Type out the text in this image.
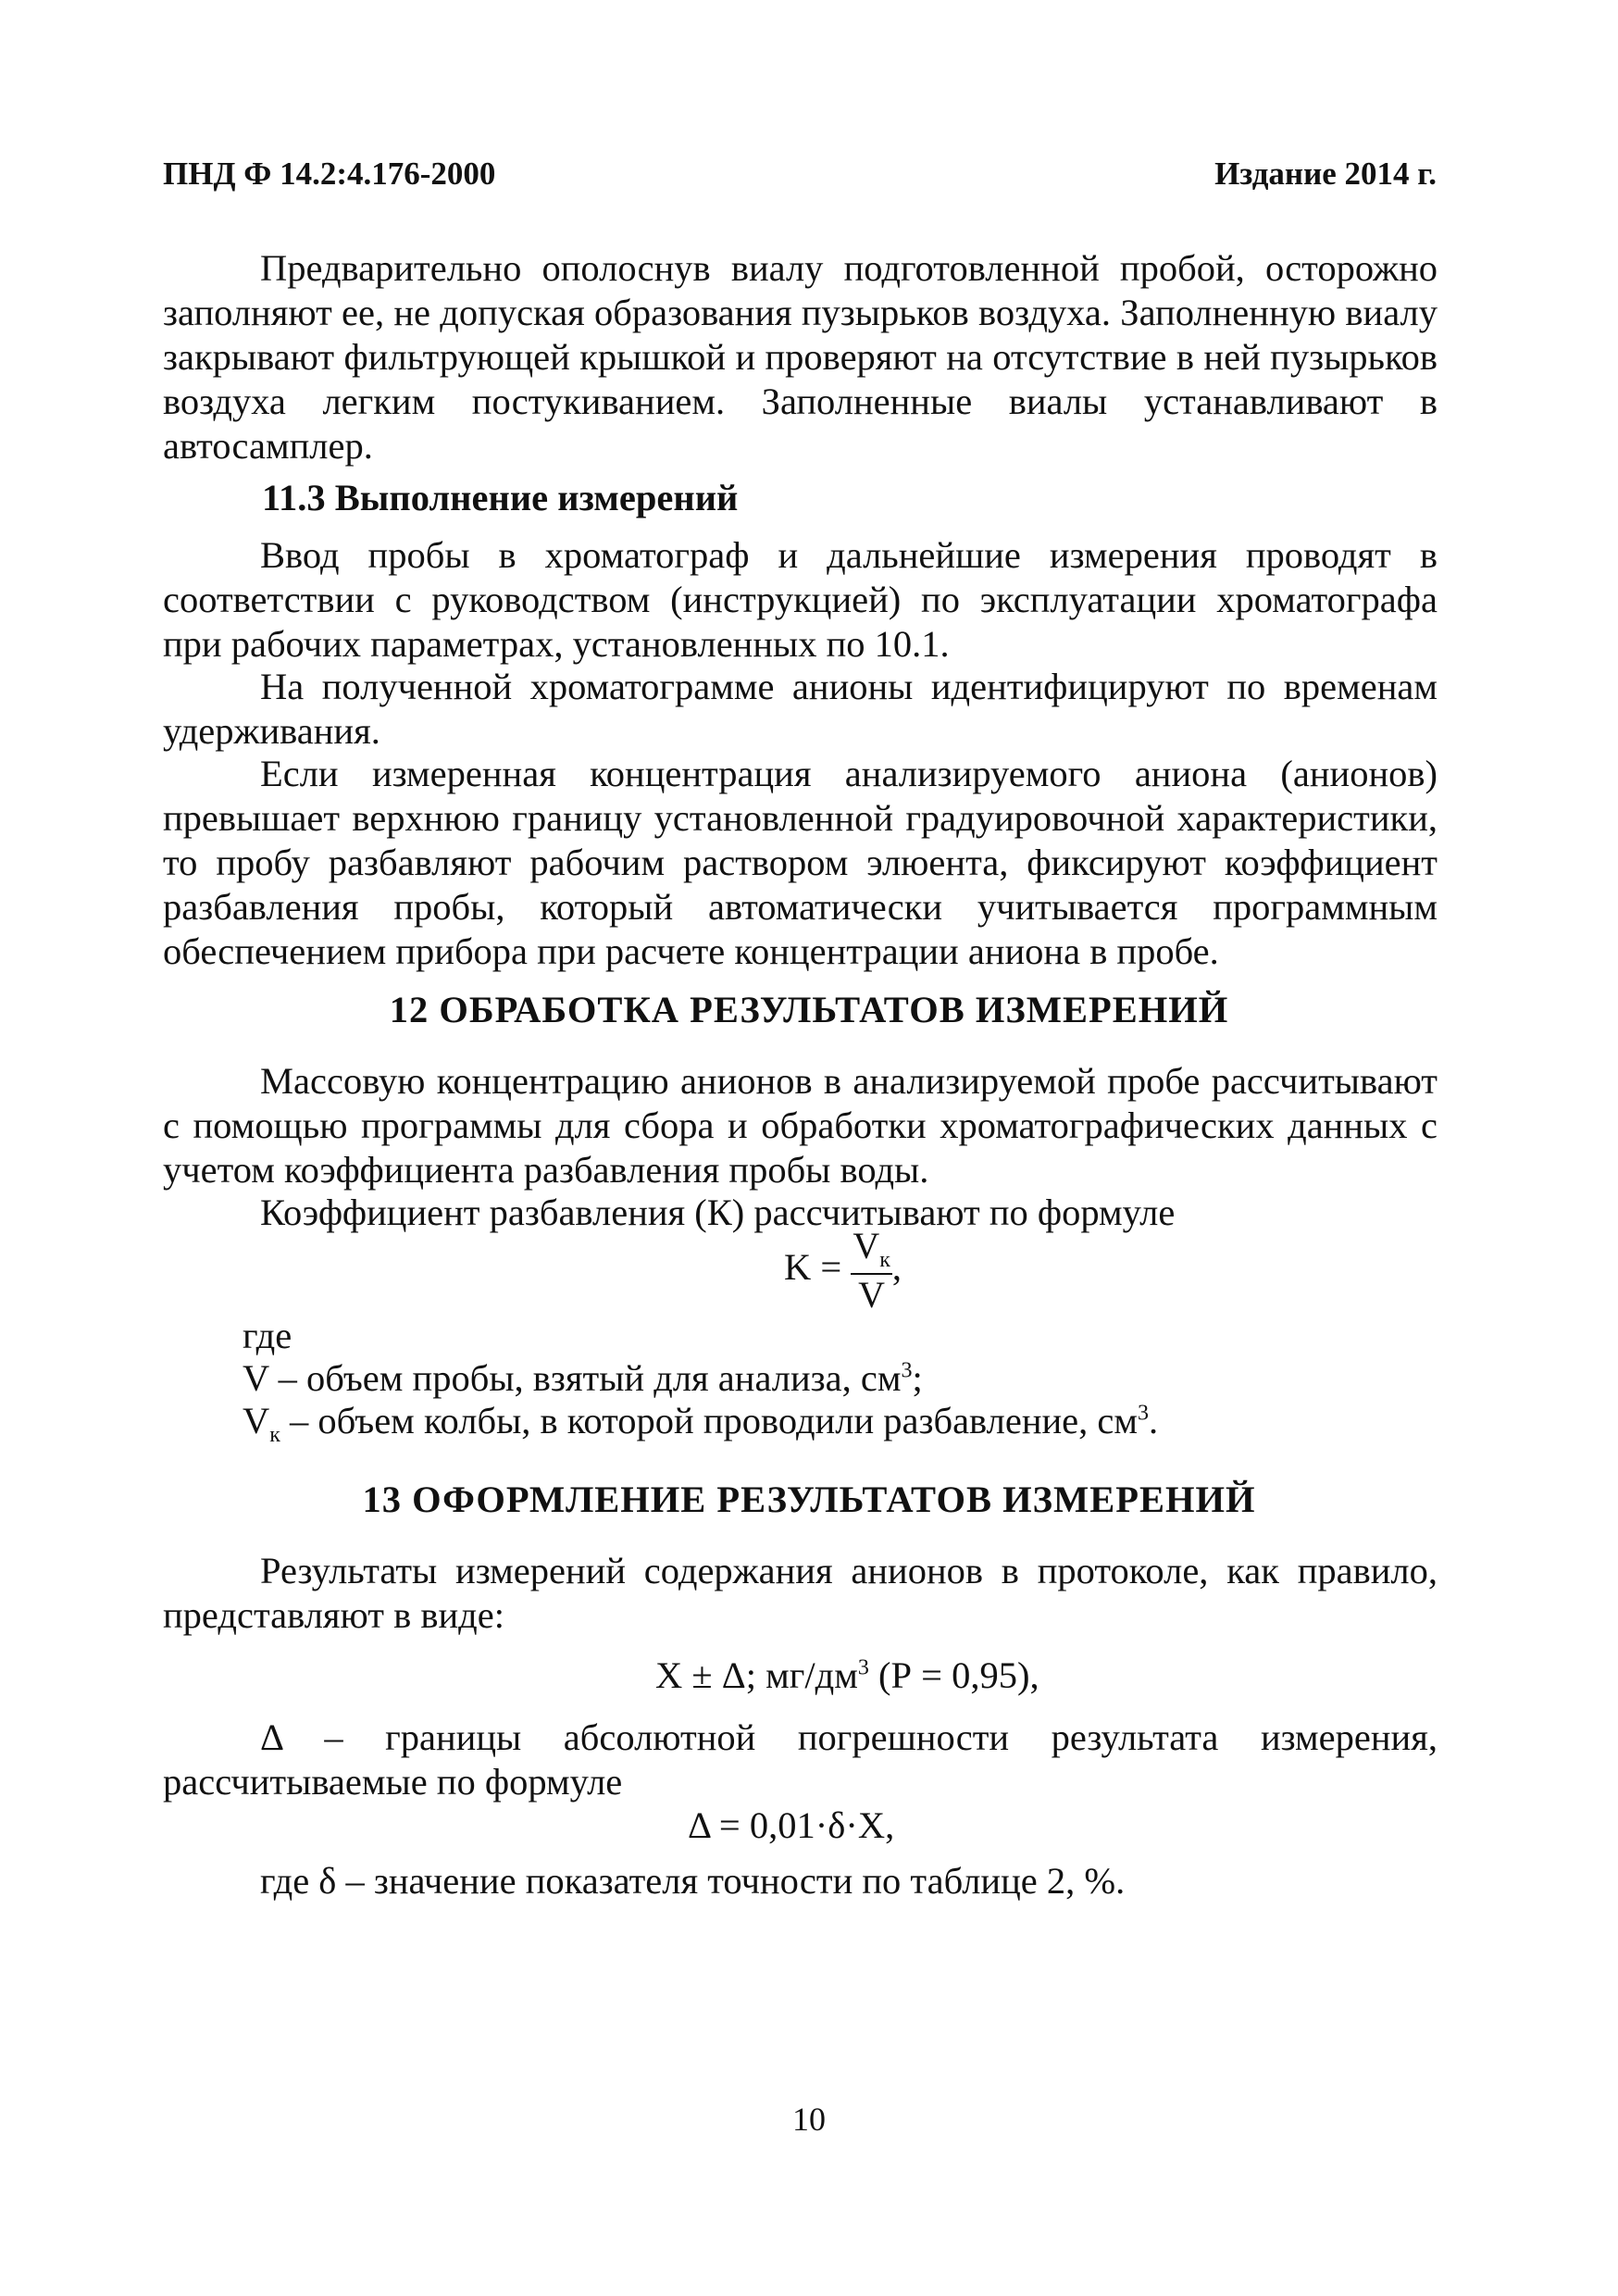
ПНД Ф 14.2:4.176-2000	Издание 2014 г.
Предварительно ополоснув виалу подготовленной пробой, осторожно заполняют ее, не допуская образования пузырьков воздуха. Заполненную виалу закрывают фильтрующей крышкой и проверяют на отсутствие в ней пузырьков воздуха легким постукиванием. Заполненные виалы устанавливают в автосамплер.
11.3 Выполнение измерений
Ввод пробы в хроматограф и дальнейшие измерения проводят в соответствии с руководством (инструкцией) по эксплуатации хроматографа при рабочих параметрах, установленных по 10.1.
На полученной хроматограмме анионы идентифицируют по временам удерживания.
Если измеренная концентрация анализируемого аниона (анионов) превышает верхнюю границу установленной градуировочной характеристики, то пробу разбавляют рабочим раствором элюента, фиксируют коэффициент разбавления пробы, который автоматически учитывается программным обеспечением прибора при расчете концентрации аниона в пробе.
12 ОБРАБОТКА РЕЗУЛЬТАТОВ ИЗМЕРЕНИЙ
Массовую концентрацию анионов в анализируемой пробе рассчитывают с помощью программы для сбора и обработки хроматографических данных с учетом коэффициента разбавления пробы воды.
Коэффициент разбавления (К) рассчитывают по формуле
$K = \frac{V_к}{V}$ ,
где
V – объем пробы, взятый для анализа, $см^3$;
$V_к$ – объем колбы, в которой проводили разбавление, $см^3$.
13 ОФОРМЛЕНИЕ РЕЗУЛЬТАТОВ ИЗМЕРЕНИЙ
Результаты измерений содержания анионов в протоколе, как правило, представляют в виде:
X ± Δ; $мг/дм^3$ (Р = 0,95),
Δ – границы абсолютной погрешности результата измерения, рассчитываемые по формуле
Δ = 0,01·δ·X,
где δ – значение показателя точности по таблице 2, %.
10
